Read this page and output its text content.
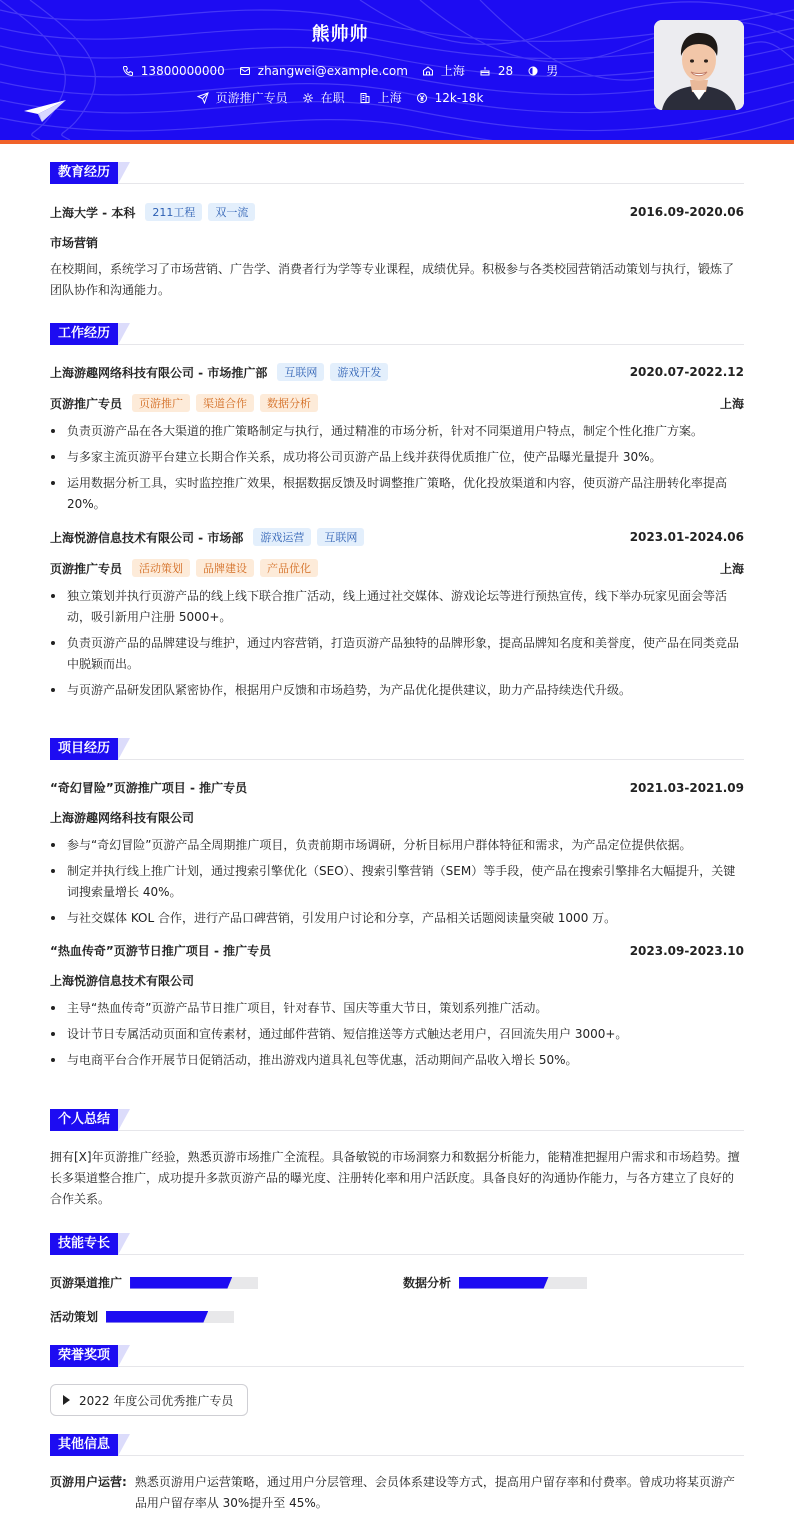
熊帅帅
13800000000	zhangwei@example.com	上海	28	男
页游推广专员	在职	上海	12k-18k
教育经历
上海大学 - 本科	211工程	双一流	2016.09-2020.06
市场营销
在校期间，系统学习了市场营销、广告学、消费者行为学等专业课程，成绩优异。积极参与各类校园营销活动策划与执行，锻炼了团队协作和沟通能力。
工作经历
上海游趣网络科技有限公司 - 市场推广部	互联网	游戏开发	2020.07-2022.12
页游推广专员	页游推广	渠道合作	数据分析	上海
负责页游产品在各大渠道的推广策略制定与执行，通过精准的市场分析，针对不同渠道用户特点，制定个性化推广方案。
与多家主流页游平台建立长期合作关系，成功将公司页游产品上线并获得优质推广位，使产品曝光量提升 30%。
运用数据分析工具，实时监控推广效果，根据数据反馈及时调整推广策略，优化投放渠道和内容，使页游产品注册转化率提高 20%。
上海悦游信息技术有限公司 - 市场部	游戏运营	互联网	2023.01-2024.06
页游推广专员	活动策划	品牌建设	产品优化	上海
独立策划并执行页游产品的线上线下联合推广活动，线上通过社交媒体、游戏论坛等进行预热宣传，线下举办玩家见面会等活动，吸引新用户注册 5000+。
负责页游产品的品牌建设与维护，通过内容营销，打造页游产品独特的品牌形象，提高品牌知名度和美誉度，使产品在同类竞品中脱颖而出。
与页游产品研发团队紧密协作，根据用户反馈和市场趋势，为产品优化提供建议，助力产品持续迭代升级。
项目经历
“奇幻冒险”页游推广项目 - 推广专员	2021.03-2021.09
上海游趣网络科技有限公司
参与“奇幻冒险”页游产品全周期推广项目，负责前期市场调研，分析目标用户群体特征和需求，为产品定位提供依据。
制定并执行线上推广计划，通过搜索引擎优化（SEO）、搜索引擎营销（SEM）等手段，使产品在搜索引擎排名大幅提升，关键词搜索量增长 40%。
与社交媒体 KOL 合作，进行产品口碑营销，引发用户讨论和分享，产品相关话题阅读量突破 1000 万。
“热血传奇”页游节日推广项目 - 推广专员	2023.09-2023.10
上海悦游信息技术有限公司
主导“热血传奇”页游产品节日推广项目，针对春节、国庆等重大节日，策划系列推广活动。
设计节日专属活动页面和宣传素材，通过邮件营销、短信推送等方式触达老用户，召回流失用户 3000+。
与电商平台合作开展节日促销活动，推出游戏内道具礼包等优惠，活动期间产品收入增长 50%。
个人总结
拥有[X]年页游推广经验，熟悉页游市场推广全流程。具备敏锐的市场洞察力和数据分析能力，能精准把握用户需求和市场趋势。擅长多渠道整合推广，成功提升多款页游产品的曝光度、注册转化率和用户活跃度。具备良好的沟通协作能力，与各方建立了良好的合作关系。
技能专长
页游渠道推广	数据分析
活动策划
荣誉奖项
2022 年度公司优秀推广专员
其他信息
页游用户运营: 熟悉页游用户运营策略，通过用户分层管理、会员体系建设等方式，提高用户留存率和付费率。曾成功将某页游产品用户留存率从 30%提升至 45%。
